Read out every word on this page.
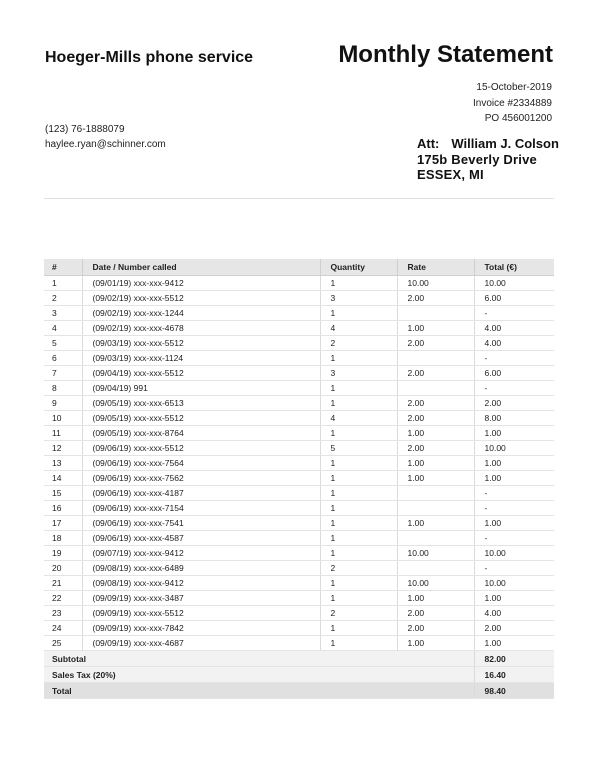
Hoeger-Mills phone service	Monthly Statement
15-October-2019
Invoice #2334889
PO 456001200
(123) 76-1888079
haylee.ryan@schinner.com	Att: William J. Colson
175b Beverly Drive
ESSEX, MI
#	Date / Number called	Quantity	Rate	Total (€)
1	(09/01/19) xxx-xxx-9412	1	10.00	10.00
2	(09/02/19) xxx-xxx-5512	3	2.00	6.00
3	(09/02/19) xxx-xxx-1244	1		-
4	(09/02/19) xxx-xxx-4678	4	1.00	4.00
5	(09/03/19) xxx-xxx-5512	2	2.00	4.00
6	(09/03/19) xxx-xxx-1124	1		-
7	(09/04/19) xxx-xxx-5512	3	2.00	6.00
8	(09/04/19) 991	1		-
9	(09/05/19) xxx-xxx-6513	1	2.00	2.00
10	(09/05/19) xxx-xxx-5512	4	2.00	8.00
11	(09/05/19) xxx-xxx-8764	1	1.00	1.00
12	(09/06/19) xxx-xxx-5512	5	2.00	10.00
13	(09/06/19) xxx-xxx-7564	1	1.00	1.00
14	(09/06/19) xxx-xxx-7562	1	1.00	1.00
15	(09/06/19) xxx-xxx-4187	1		-
16	(09/06/19) xxx-xxx-7154	1		-
17	(09/06/19) xxx-xxx-7541	1	1.00	1.00
18	(09/06/19) xxx-xxx-4587	1		-
19	(09/07/19) xxx-xxx-9412	1	10.00	10.00
20	(09/08/19) xxx-xxx-6489	2		-
21	(09/08/19) xxx-xxx-9412	1	10.00	10.00
22	(09/09/19) xxx-xxx-3487	1	1.00	1.00
23	(09/09/19) xxx-xxx-5512	2	2.00	4.00
24	(09/09/19) xxx-xxx-7842	1	2.00	2.00
25	(09/09/19) xxx-xxx-4687	1	1.00	1.00
Subtotal				82.00
Sales Tax (20%)				16.40
Total				98.40
